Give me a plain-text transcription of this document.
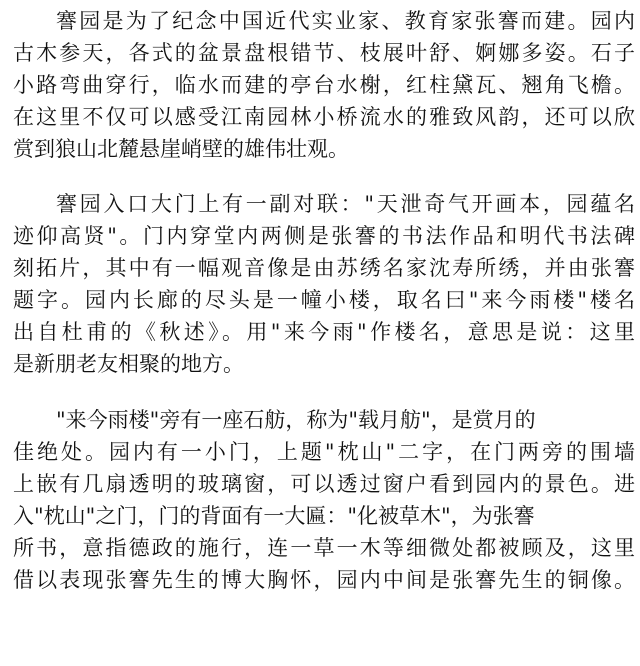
謇园是为了纪念中国近代实业家、教育家张謇而建。园内
古木参天，各式的盆景盘根错节、枝展叶舒、婀娜多姿。石子
小路弯曲穿行，临水而建的亭台水榭，红柱黛瓦、翘角飞檐。
在这里不仅可以感受江南园林小桥流水的雅致风韵，还可以欣
赏到狼山北麓悬崖峭壁的雄伟壮观。
謇园入口大门上有一副对联："天泄奇气开画本，园蕴名
迹仰高贤"。门内穿堂内两侧是张謇的书法作品和明代书法碑
刻拓片，其中有一幅观音像是由苏绣名家沈寿所绣，并由张謇
题字。园内长廊的尽头是一幢小楼，取名曰"来今雨楼"楼名
出自杜甫的《秋述》。用"来今雨"作楼名，意思是说：这里
是新朋老友相聚的地方。
"来今雨楼"旁有一座石舫，称为"载月舫"，是赏月的
佳绝处。园内有一小门，上题"枕山"二字，在门两旁的围墙
上嵌有几扇透明的玻璃窗，可以透过窗户看到园内的景色。进
入"枕山"之门，门的背面有一大匾："化被草木"，为张謇
所书，意指德政的施行，连一草一木等细微处都被顾及，这里
借以表现张謇先生的博大胸怀，园内中间是张謇先生的铜像。
